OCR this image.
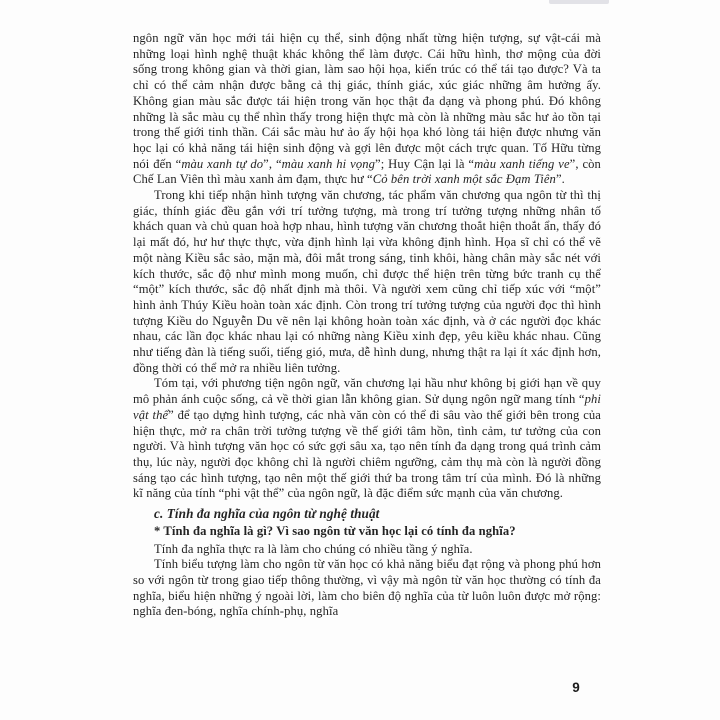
ngôn ngữ văn học mới tái hiện cụ thể, sinh động nhất từng hiện tượng, sự vật-cái mà những loại hình nghệ thuật khác không thể làm được. Cái hữu hình, thơ mộng của đời sống trong không gian và thời gian, làm sao hội họa, kiến trúc có thể tái tạo được? Và ta chỉ có thể cảm nhận được bằng cả thị giác, thính giác, xúc giác những âm hưởng ấy. Không gian màu sắc được tái hiện trong văn học thật đa dạng và phong phú. Đó không những là sắc màu cụ thể nhìn thấy trong hiện thực mà còn là những màu sắc hư ảo tồn tại trong thế giới tinh thần. Cái sắc màu hư ảo ấy hội họa khó lòng tái hiện được nhưng văn học lại có khả năng tái hiện sinh động và gợi lên được một cách trực quan. Tố Hữu từng nói đến “màu xanh tự do”, “màu xanh hi vọng”; Huy Cận lại là “màu xanh tiếng ve”, còn Chế Lan Viên thì màu xanh ảm đạm, thực hư “Cỏ bên trời xanh một sắc Đạm Tiên”.

Trong khi tiếp nhận hình tượng văn chương, tác phẩm văn chương qua ngôn từ thì thị giác, thính giác đều gắn với trí tưởng tượng, mà trong trí tưởng tượng những nhân tố khách quan và chủ quan hoà hợp nhau, hình tượng văn chương thoắt hiện thoắt ẩn, thấy đó lại mất đó, hư hư thực thực, vừa định hình lại vừa không định hình. Họa sĩ chỉ có thể vẽ một nàng Kiều sắc sảo, mặn mà, đôi mắt trong sáng, tinh khôi, hàng chân mày sắc nét với kích thước, sắc độ như mình mong muốn, chỉ được thể hiện trên từng bức tranh cụ thể “một” kích thước, sắc độ nhất định mà thôi. Và người xem cũng chỉ tiếp xúc với “một” hình ảnh Thúy Kiều hoàn toàn xác định. Còn trong trí tưởng tượng của người đọc thì hình tượng Kiều do Nguyễn Du vẽ nên lại không hoàn toàn xác định, và ở các người đọc khác nhau, các lần đọc khác nhau lại có những nàng Kiều xinh đẹp, yêu kiều khác nhau. Cũng như tiếng đàn là tiếng suối, tiếng gió, mưa, dễ hình dung, nhưng thật ra lại ít xác định hơn, đồng thời có thể mở ra nhiều liên tưởng.

Tóm tại, với phương tiện ngôn ngữ, văn chương lại hầu như không bị giới hạn về quy mô phản ánh cuộc sống, cả về thời gian lẫn không gian. Sử dụng ngôn ngữ mang tính “phi vật thể” để tạo dựng hình tượng, các nhà văn còn có thể đi sâu vào thế giới bên trong của hiện thực, mở ra chân trời tưởng tượng về thế giới tâm hồn, tình cảm, tư tưởng của con người. Và hình tượng văn học có sức gợi sâu xa, tạo nên tính đa dạng trong quá trình cảm thụ, lúc này, người đọc không chỉ là người chiêm ngưỡng, cảm thụ mà còn là người đồng sáng tạo các hình tượng, tạo nên một thế giới thứ ba trong tâm trí của mình. Đó là những kĩ năng của tính “phi vật thể” của ngôn ngữ, là đặc điểm sức mạnh của văn chương.

c. Tính đa nghĩa của ngôn từ nghệ thuật

* Tính đa nghĩa là gì? Vì sao ngôn từ văn học lại có tính đa nghĩa?

Tính đa nghĩa thực ra là làm cho chúng có nhiều tầng ý nghĩa.

Tính biểu tượng làm cho ngôn từ văn học có khả năng biểu đạt rộng và phong phú hơn so với ngôn từ trong giao tiếp thông thường, vì vậy mà ngôn từ văn học thường có tính đa nghĩa, biểu hiện những ý ngoài lời, làm cho biên độ nghĩa của từ luôn luôn được mở rộng: nghĩa đen-bóng, nghĩa chính-phụ, nghĩa

9
